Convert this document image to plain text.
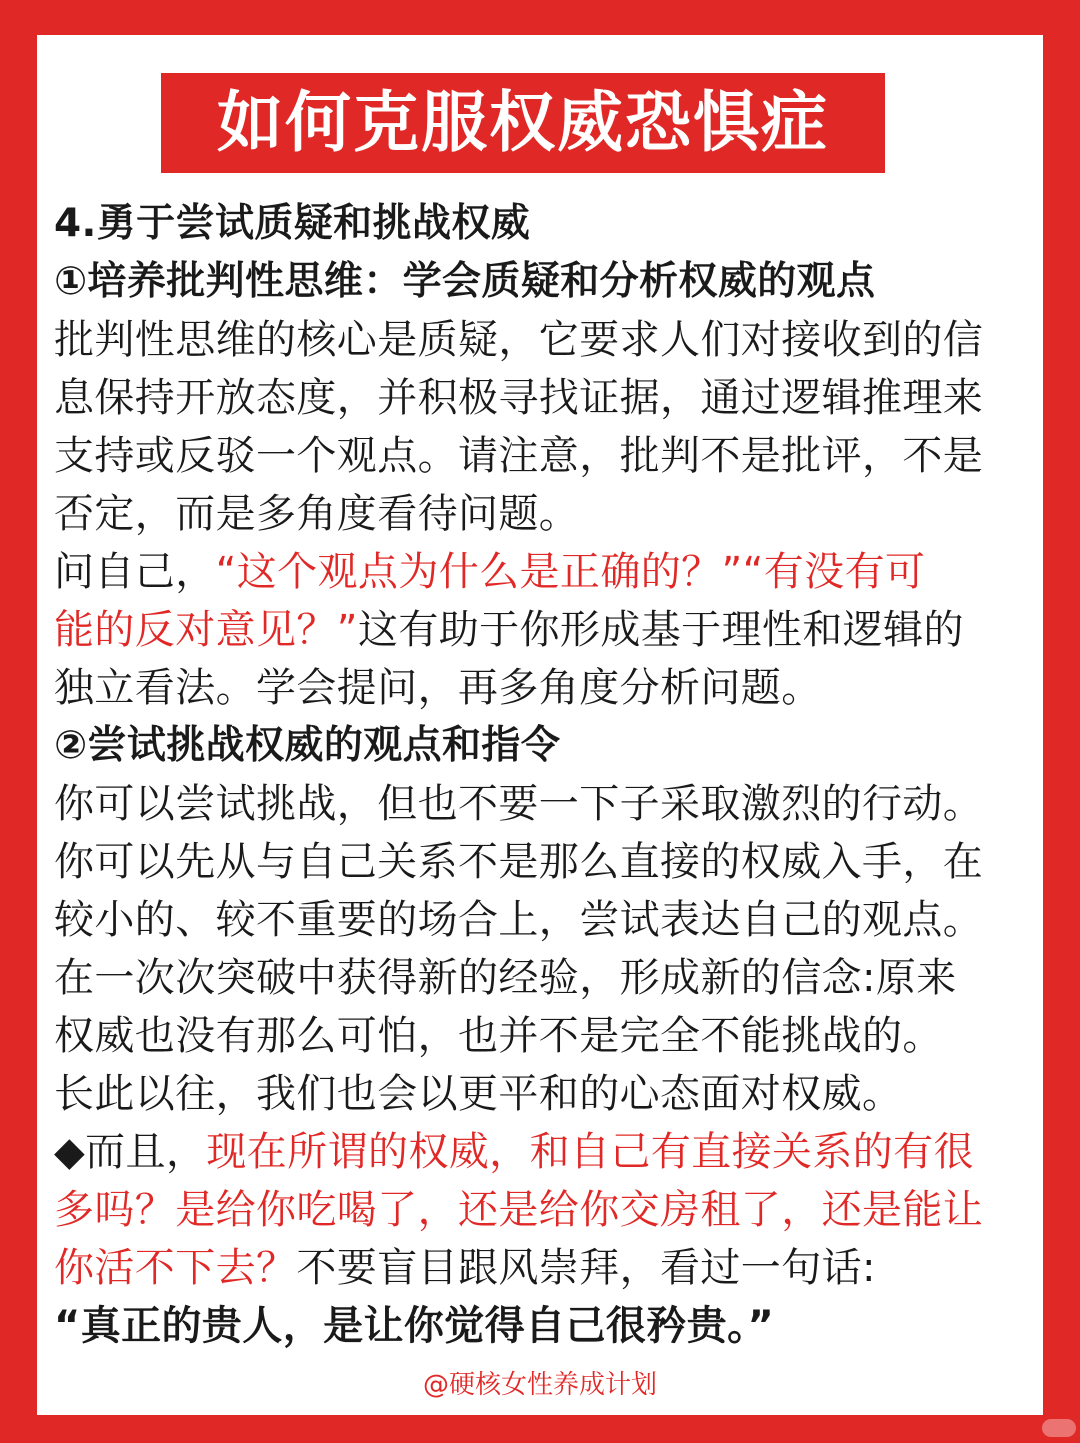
如何克服权威恐惧症
4.勇于尝试质疑和挑战权威
①培养批判性思维：学会质疑和分析权威的观点
批判性思维的核心是质疑，它要求人们对接收到的信
息保持开放态度，并积极寻找证据，通过逻辑推理来
支持或反驳一个观点。请注意，批判不是批评，不是
否定，而是多角度看待问题。
问自己，“这个观点为什么是正确的？”“有没有可
能的反对意见？”这有助于你形成基于理性和逻辑的
独立看法。学会提问，再多角度分析问题。
②尝试挑战权威的观点和指令
你可以尝试挑战，但也不要一下子采取激烈的行动。
你可以先从与自己关系不是那么直接的权威入手，在
较小的、较不重要的场合上，尝试表达自己的观点。
在一次次突破中获得新的经验，形成新的信念:原来
权威也没有那么可怕，也并不是完全不能挑战的。
长此以往，我们也会以更平和的心态面对权威。
◆而且，现在所谓的权威，和自己有直接关系的有很
多吗？是给你吃喝了，还是给你交房租了，还是能让
你活不下去？不要盲目跟风崇拜，看过一句话:
“真正的贵人，是让你觉得自己很矜贵。”
@硬核女性养成计划
